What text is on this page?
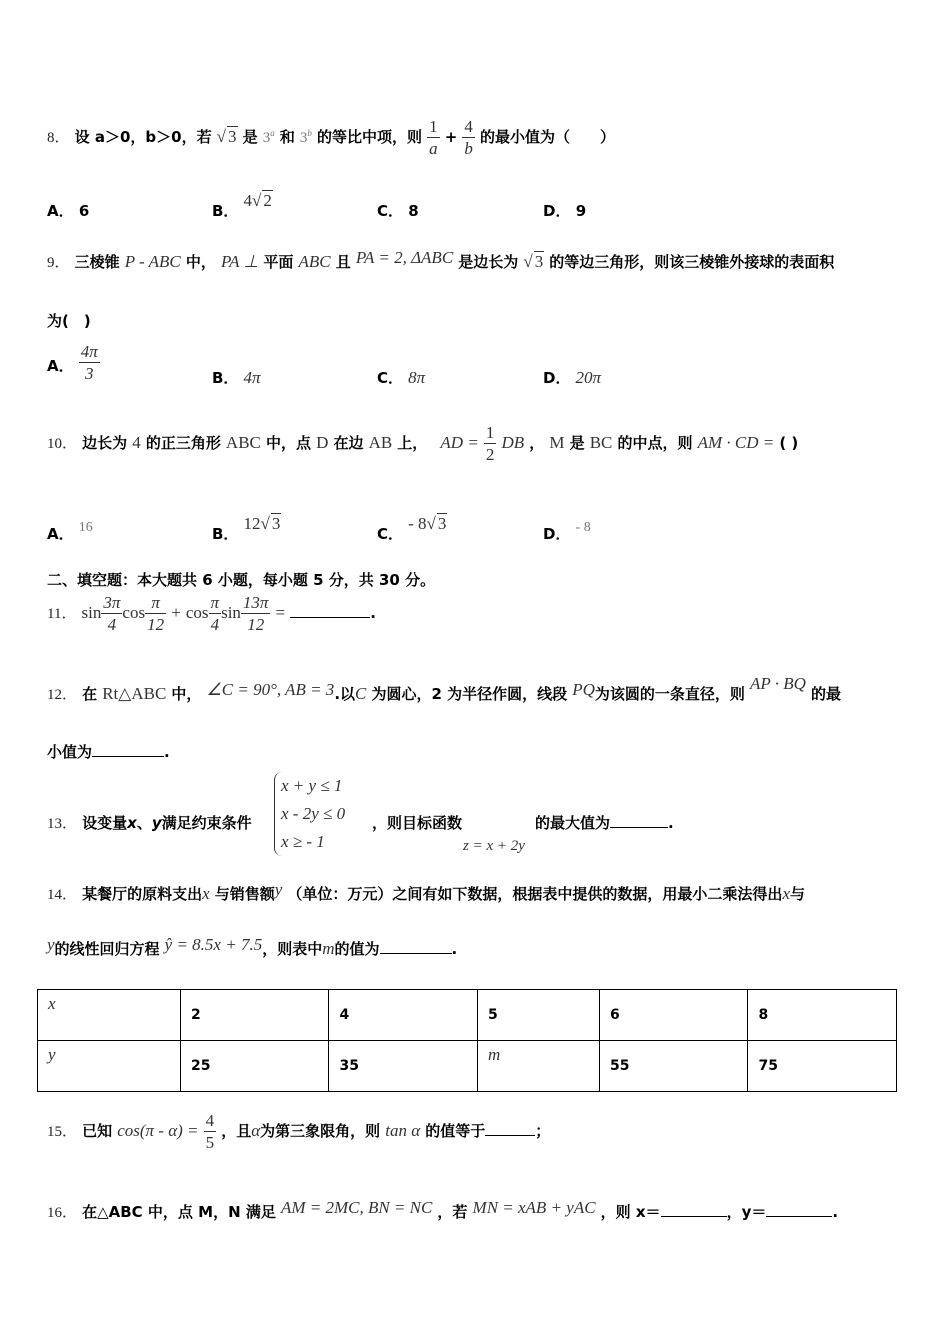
8． 设 a＞0，b＞0，若 √ 3 是 3$^a$ 和 3$^b$ 的等比中项，则 $\frac{1}{a} + \frac{4}{b}$ 的最小值为（　　）
A． 6	B． 4√ 2
C． 8	D． 9
9． 三棱锥 P - ABC 中， PA ⊥ 平面 ABC 且 PA = 2, ΔABC 是边长为 √ 3 的等边三角形，则该三棱锥外接球的表面积
为(　)
A． $\frac{4\pi}{3}$	B． 4π	C． 8π	D． 20π
10． 边长为 4 的正三角形 ABC 中，点 D 在边 AB 上， AD = $\frac{1}{2}$ DB ， M 是 BC 的中点，则 AM · CD = ( )
A． 16	B． 12√ 3
C． - 8√ 3
D． - 8
二、填空题：本大题共 6 小题，每小题 5 分，共 30 分。
11． $\sin \frac{3\pi}{4}$ $\cos \frac{\pi}{12} + \cos \frac{\pi}{4}$ $\sin \frac{13\pi}{12}$ =	.
12． 在 Rt△ABC 中， ∠C = 90°, AB = 3.以C 为圆心，2 为半径作圆，线段 PQ为该圆的一条直径，则 AP · BQ 的最
小值为	.
13． 设变量x、y满足约束条件
x + y ≤ 1
x - 2y ≤ 0
x ≥ - 1
，则目标函数
z = x + 2y
的最大值为	.
14． 某餐厅的原料支出x 与销售额y （单位：万元）之间有如下数据，根据表中提供的数据，用最小二乘法得出x与
y的线性回归方程 ŷ = 8.5x + 7.5，则表中m的值为	.
x	2	4	5	6	8
y	25	35	m	55	75
15． 已知 $\cos(\pi - \alpha) = \frac{4}{5}$ ，且α为第三象限角，则 tan α 的值等于	；
16． 在△ABC 中，点 M，N 满足 AM = 2MC, BN = NC ，若 MN = xAB + yAC ，则 x＝	，y＝	.
